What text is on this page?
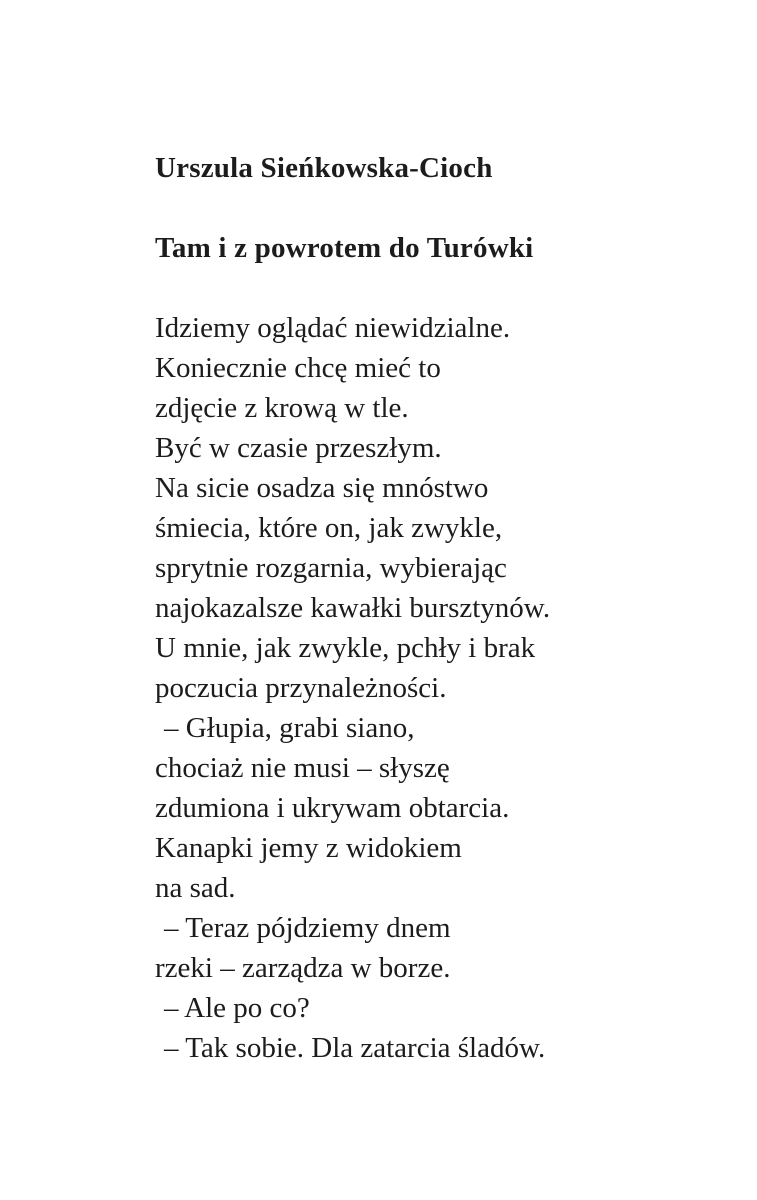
Urszula Sieńkowska-Cioch
Tam i z powrotem do Turówki

Idziemy oglądać niewidzialne.

Koniecznie chcę mieć to

zdjęcie z krową w tle.

Być w czasie przeszłym.

Na sicie osadza się mnóstwo

śmiecia, które on, jak zwykle,

sprytnie rozgarnia, wybierając

najokazalsze kawałki bursztynów.

U mnie, jak zwykle, pchły i brak

poczucia przynależności.

– Głupia, grabi siano,

chociaż nie musi – słyszę

zdumiona i ukrywam obtarcia.

Kanapki jemy z widokiem

na sad.

– Teraz pójdziemy dnem

rzeki – zarządza w borze.

– Ale po co?

– Tak sobie. Dla zatarcia śladów.
